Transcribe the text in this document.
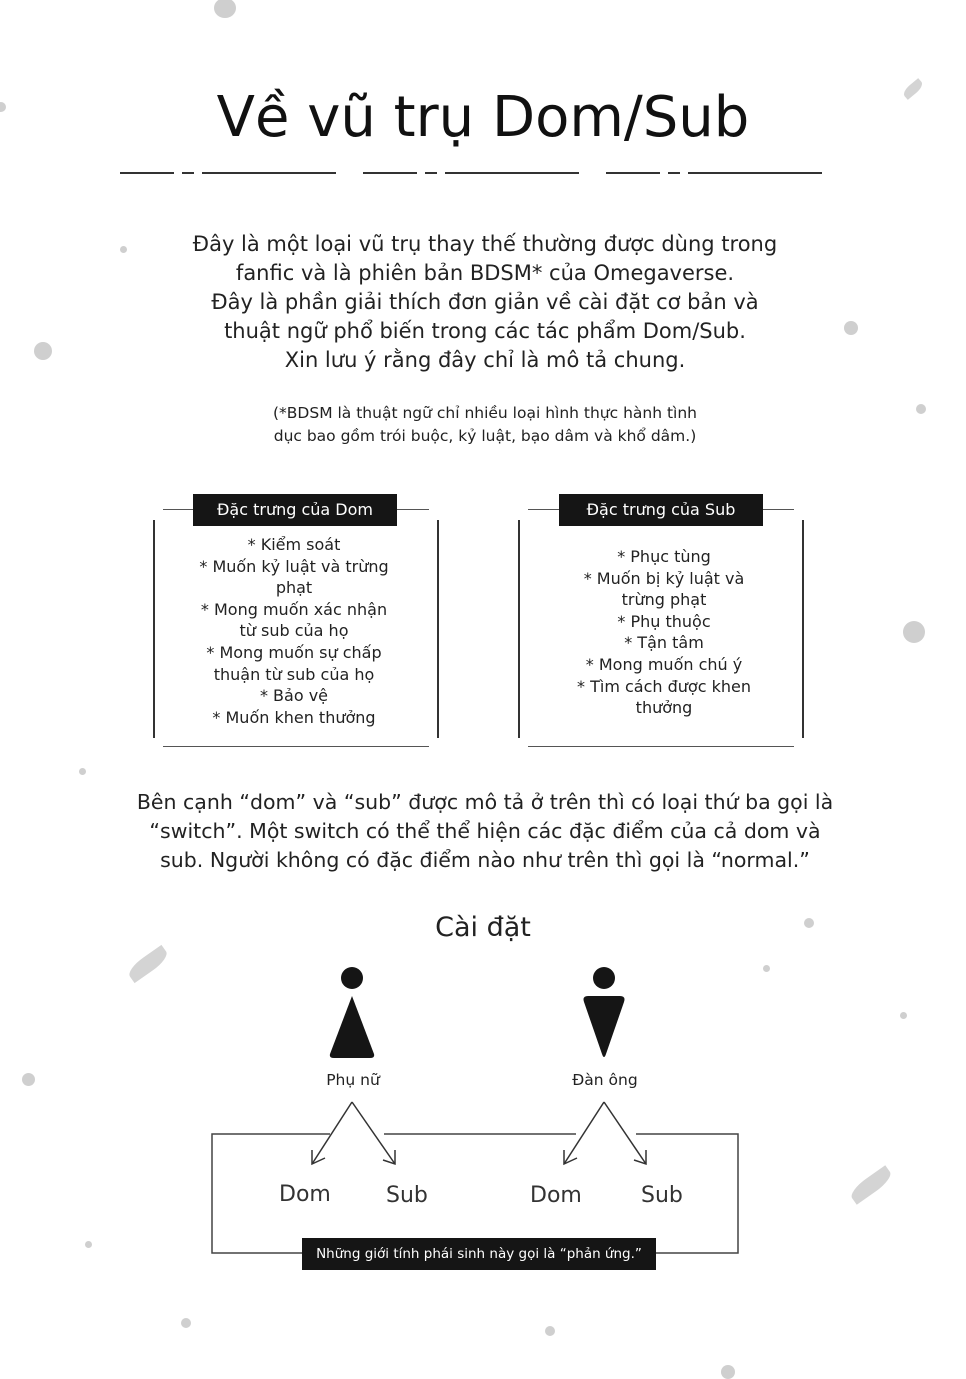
Về vũ trụ Dom/Sub
Đây là một loại vũ trụ thay thế thường được dùng trong
fanfic và là phiên bản BDSM* của Omegaverse.
Đây là phần giải thích đơn giản về cài đặt cơ bản và
thuật ngữ phổ biến trong các tác phẩm Dom/Sub.
Xin lưu ý rằng đây chỉ là mô tả chung.
(*BDSM là thuật ngữ chỉ nhiều loại hình thực hành tình
dục bao gồm trói buộc, kỷ luật, bạo dâm và khổ dâm.)
Đặc trưng của Dom
* Kiểm soát
* Muốn kỷ luật và trừng
phạt
* Mong muốn xác nhận
từ sub của họ
* Mong muốn sự chấp
thuận từ sub của họ
* Bảo vệ
* Muốn khen thưởng
Đặc trưng của Sub
* Phục tùng
* Muốn bị kỷ luật và
trừng phạt
* Phụ thuộc
* Tận tâm
* Mong muốn chú ý
* Tìm cách được khen
thưởng
Bên cạnh “dom” và “sub” được mô tả ở trên thì có loại thứ ba gọi là
“switch”. Một switch có thể thể hiện các đặc điểm của cả dom và
sub. Người không có đặc điểm nào như trên thì gọi là “normal.”
Cài đặt
Phụ nữ	Đàn ông
Dom	Sub	Dom	Sub
Những giới tính phái sinh này gọi là “phản ứng.”
